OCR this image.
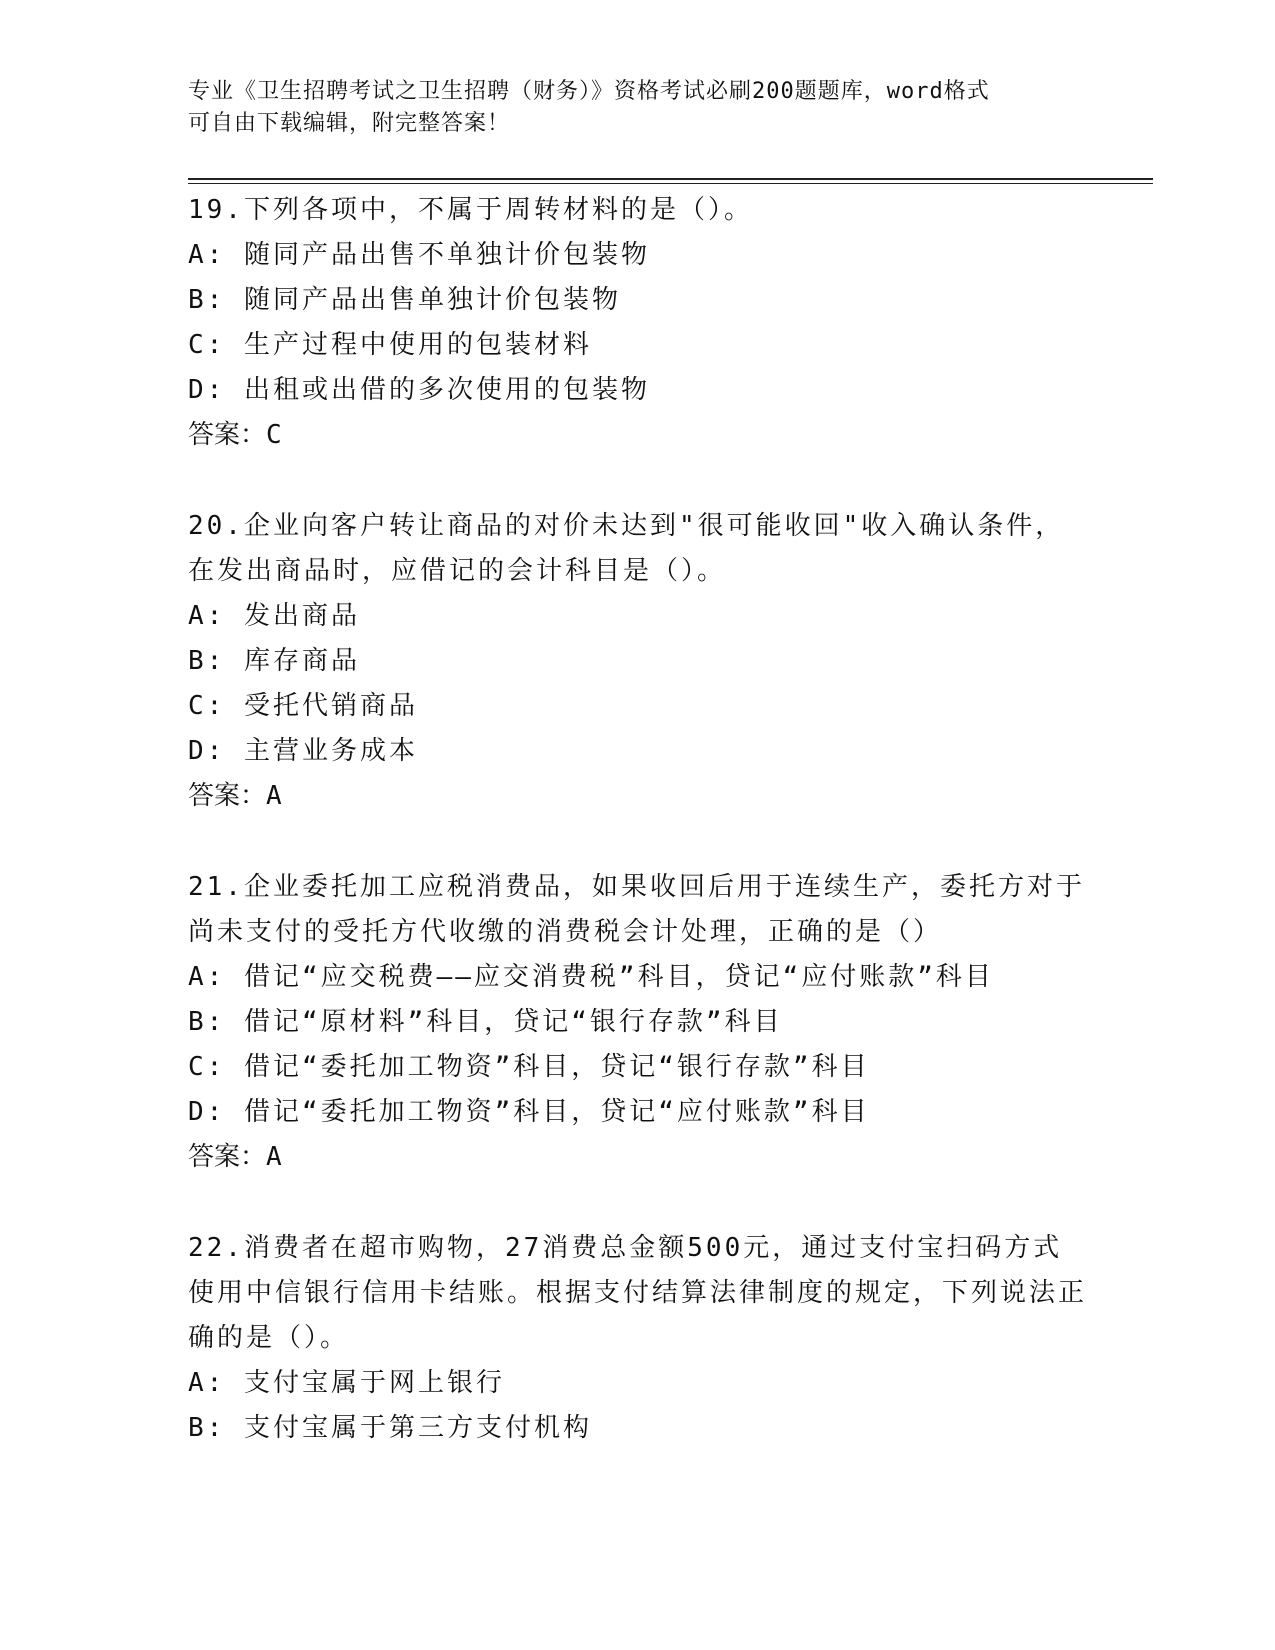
专业《卫生招聘考试之卫生招聘（财务）》资格考试必刷200题题库，word格式
可自由下载编辑，附完整答案！

19.下列各项中，不属于周转材料的是（）。

A: 随同产品出售不单独计价包装物

B: 随同产品出售单独计价包装物

C: 生产过程中使用的包装材料

D: 出租或出借的多次使用的包装物

答案：C

20.企业向客户转让商品的对价未达到"很可能收回"收入确认条件，在发出商品时，应借记的会计科目是（）。

A: 发出商品

B: 库存商品

C: 受托代销商品

D: 主营业务成本

答案：A

21.企业委托加工应税消费品，如果收回后用于连续生产，委托方对于尚未支付的受托方代收缴的消费税会计处理，正确的是（）

A: 借记“应交税费——应交消费税”科目，贷记“应付账款”科目

B: 借记“原材料”科目，贷记“银行存款”科目

C: 借记“委托加工物资”科目，贷记“银行存款”科目

D: 借记“委托加工物资”科目，贷记“应付账款”科目

答案：A

22.消费者在超市购物，27消费总金额500元，通过支付宝扫码方式使用中信银行信用卡结账。根据支付结算法律制度的规定，下列说法正确的是（）。

A: 支付宝属于网上银行

B: 支付宝属于第三方支付机构
